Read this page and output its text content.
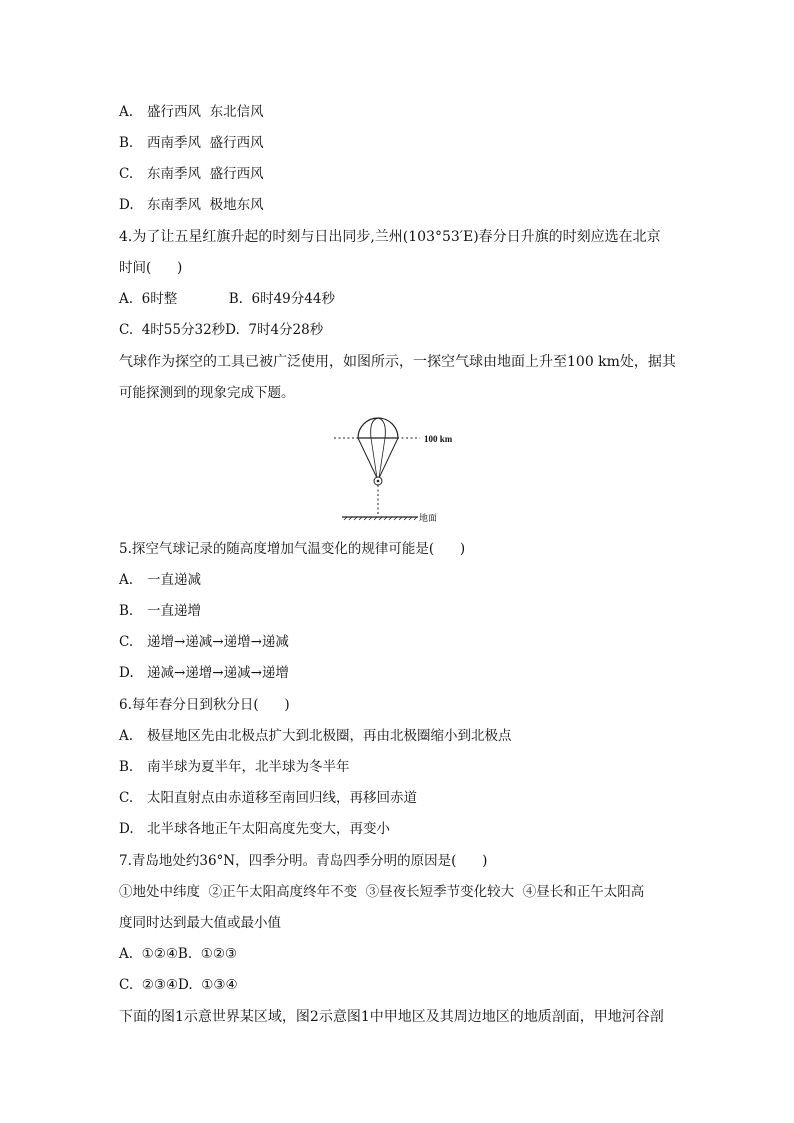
A. 盛行西风  东北信风
B. 西南季风  盛行西风
C. 东南季风  盛行西风
D. 东南季风  极地东风
4.为了让五星红旗升起的时刻与日出同步,兰州(103°53′E)春分日升旗的时刻应选在北京
时间(      )
A.  6时整            B.  6时49分44秒
C.  4时55分32秒D.  7时4分28秒
气球作为探空的工具已被广泛使用，如图所示，一探空气球由地面上升至100 km处，据其
可能探测到的现象完成下题。
100 km
地面
5.探空气球记录的随高度增加气温变化的规律可能是(      )
A. 一直递减
B. 一直递增
C. 递增→递减→递增→递减
D. 递减→递增→递减→递增
6.每年春分日到秋分日(      )
A. 极昼地区先由北极点扩大到北极圈，再由北极圈缩小到北极点
B. 南半球为夏半年，北半球为冬半年
C. 太阳直射点由赤道移至南回归线，再移回赤道
D. 北半球各地正午太阳高度先变大，再变小
7.青岛地处约36°N，四季分明。青岛四季分明的原因是(      )
①地处中纬度  ②正午太阳高度终年不变  ③昼夜长短季节变化较大  ④昼长和正午太阳高
度同时达到最大值或最小值
A.  ①②④B.  ①②③
C.  ②③④D.  ①③④
下面的图1示意世界某区域，图2示意图1中甲地区及其周边地区的地质剖面，甲地河谷剖
